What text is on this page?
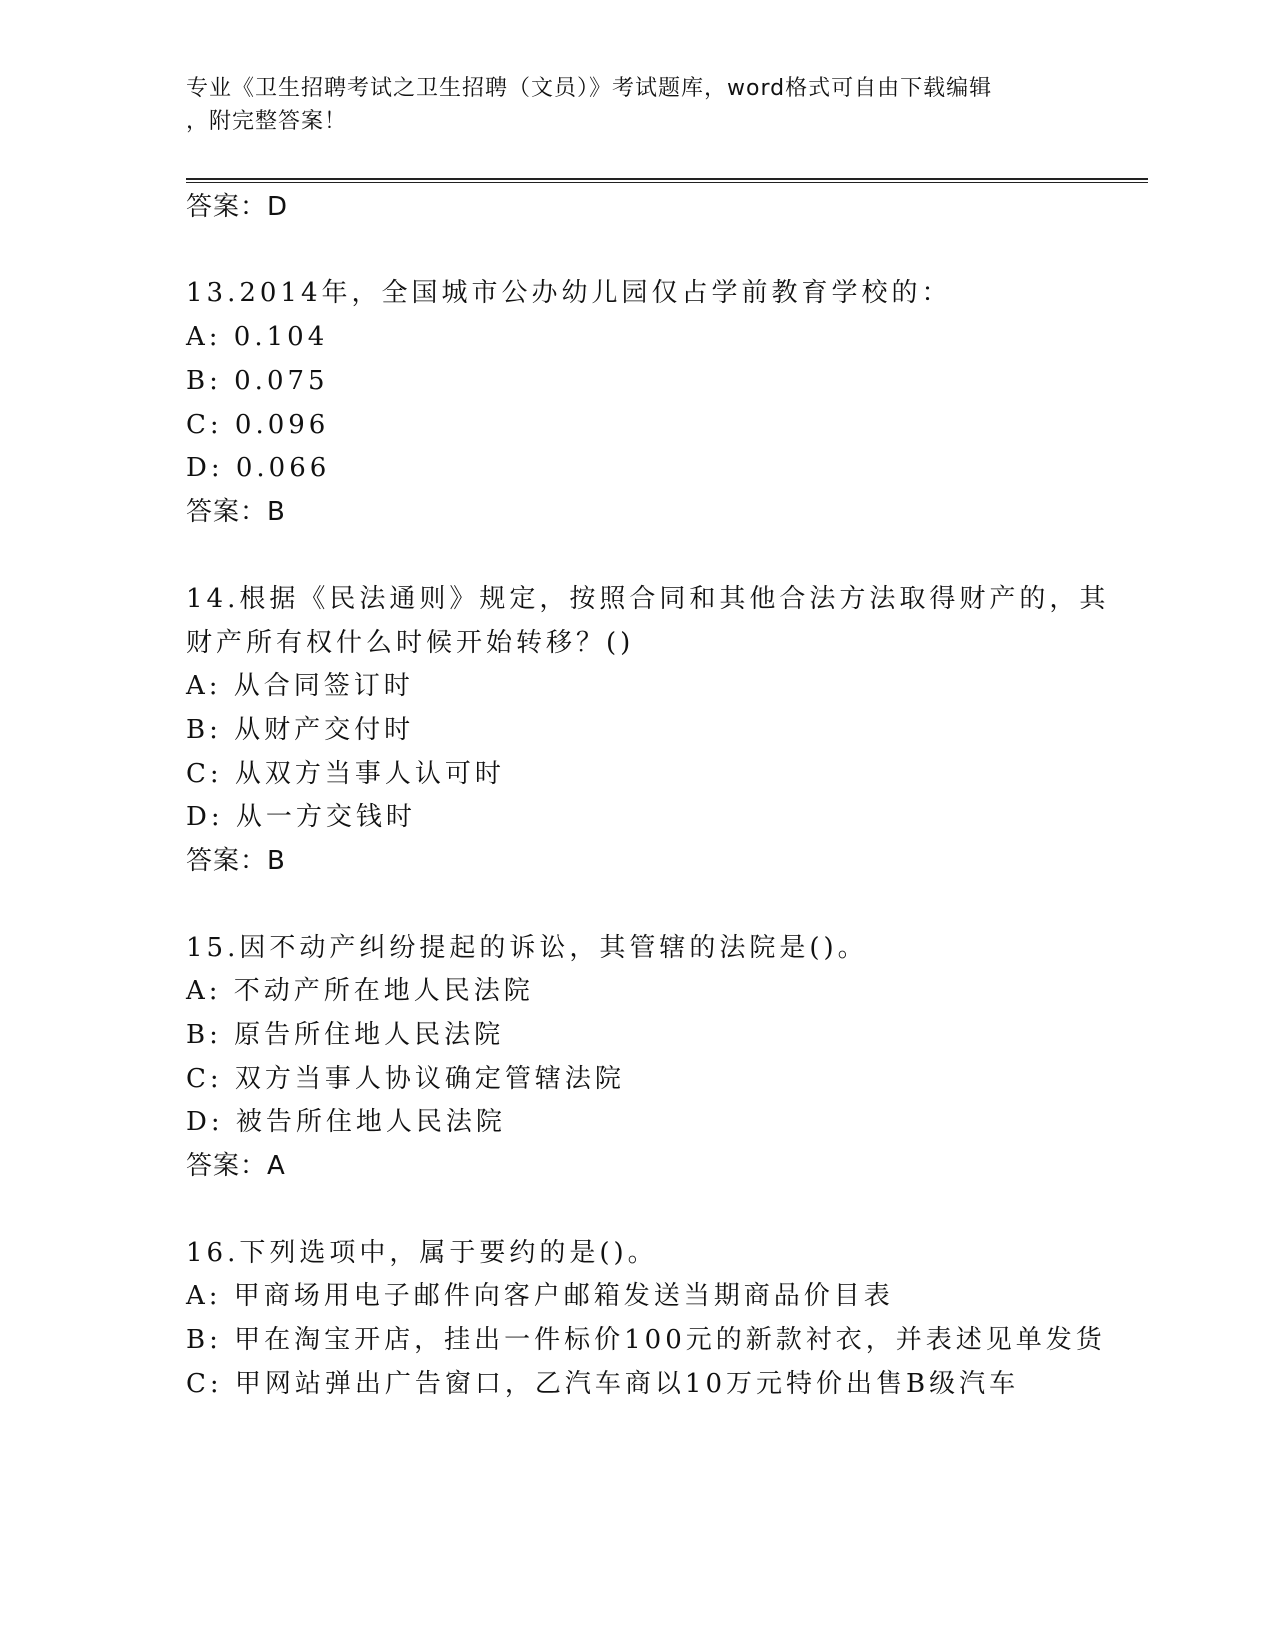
专业《卫生招聘考试之卫生招聘（文员）》考试题库，word格式可自由下载编辑
，附完整答案！
答案：D
13.2014年，全国城市公办幼儿园仅占学前教育学校的：
A: 0.104
B: 0.075
C: 0.096
D: 0.066
答案：B
14.根据《民法通则》规定，按照合同和其他合法方法取得财产的，其
财产所有权什么时候开始转移？()
A: 从合同签订时
B: 从财产交付时
C: 从双方当事人认可时
D: 从一方交钱时
答案：B
15.因不动产纠纷提起的诉讼，其管辖的法院是()。
A: 不动产所在地人民法院
B: 原告所住地人民法院
C: 双方当事人协议确定管辖法院
D: 被告所住地人民法院
答案：A
16.下列选项中，属于要约的是()。
A: 甲商场用电子邮件向客户邮箱发送当期商品价目表
B: 甲在淘宝开店，挂出一件标价100元的新款衬衣，并表述见单发货
C: 甲网站弹出广告窗口，乙汽车商以10万元特价出售B级汽车
